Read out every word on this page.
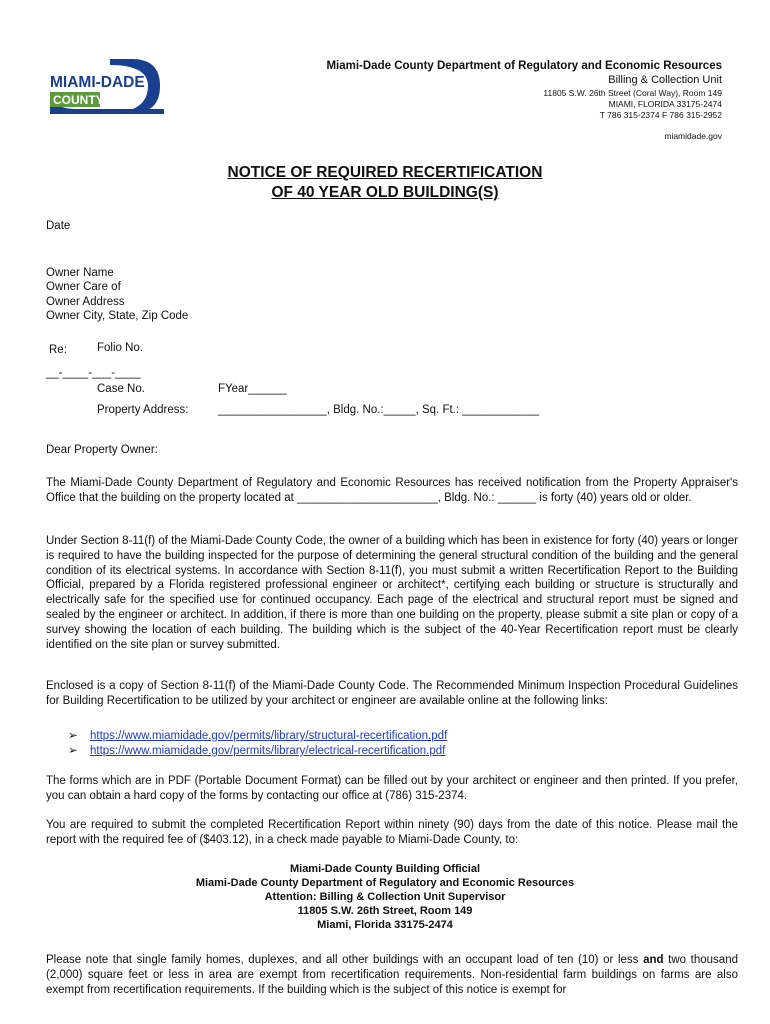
MIAMI-DADE
COUNTY
Miami-Dade County Department of Regulatory and Economic Resources
Billing & Collection Unit
11805 S.W. 26th Street (Coral Way), Room 149
MIAMI, FLORIDA 33175-2474
T 786 315-2374 F 786 315-2952
miamidade.gov
NOTICE OF REQUIRED RECERTIFICATION
OF 40 YEAR OLD BUILDING(S)
Date
Owner Name
Owner Care of
Owner Address
Owner City, State, Zip Code
Re:	Folio No.
__-____-___-____
Case No.	FYear______
Property Address:	_________________, Bldg. No.:_____, Sq. Ft.: ____________
Dear Property Owner:
The Miami-Dade County Department of Regulatory and Economic Resources has received notification from the Property Appraiser's Office that the building on the property located at ______________________, Bldg. No.: ______ is forty (40) years old or older.
Under Section 8-11(f) of the Miami-Dade County Code, the owner of a building which has been in existence for forty (40) years or longer is required to have the building inspected for the purpose of determining the general structural condition of the building and the general condition of its electrical systems. In accordance with Section 8-11(f), you must submit a written Recertification Report to the Building Official, prepared by a Florida registered professional engineer or architect*, certifying each building or structure is structurally and electrically safe for the specified use for continued occupancy. Each page of the electrical and structural report must be signed and sealed by the engineer or architect. In addition, if there is more than one building on the property, please submit a site plan or copy of a survey showing the location of each building. The building which is the subject of the 40-Year Recertification report must be clearly identified on the site plan or survey submitted.
Enclosed is a copy of Section 8-11(f) of the Miami-Dade County Code. The Recommended Minimum Inspection Procedural Guidelines for Building Recertification to be utilized by your architect or engineer are available online at the following links:
➢ https://www.miamidade.gov/permits/library/structural-recertification.pdf
➢ https://www.miamidade.gov/permits/library/electrical-recertification.pdf
The forms which are in PDF (Portable Document Format) can be filled out by your architect or engineer and then printed. If you prefer, you can obtain a hard copy of the forms by contacting our office at (786) 315-2374.
You are required to submit the completed Recertification Report within ninety (90) days from the date of this notice. Please mail the report with the required fee of ($403.12), in a check made payable to Miami-Dade County, to:
Miami-Dade County Building Official
Miami-Dade County Department of Regulatory and Economic Resources
Attention: Billing & Collection Unit Supervisor
11805 S.W. 26th Street, Room 149
Miami, Florida 33175-2474
Please note that single family homes, duplexes, and all other buildings with an occupant load of ten (10) or less and two thousand (2,000) square feet or less in area are exempt from recertification requirements. Non-residential farm buildings on farms are also exempt from recertification requirements. If the building which is the subject of this notice is exempt for
